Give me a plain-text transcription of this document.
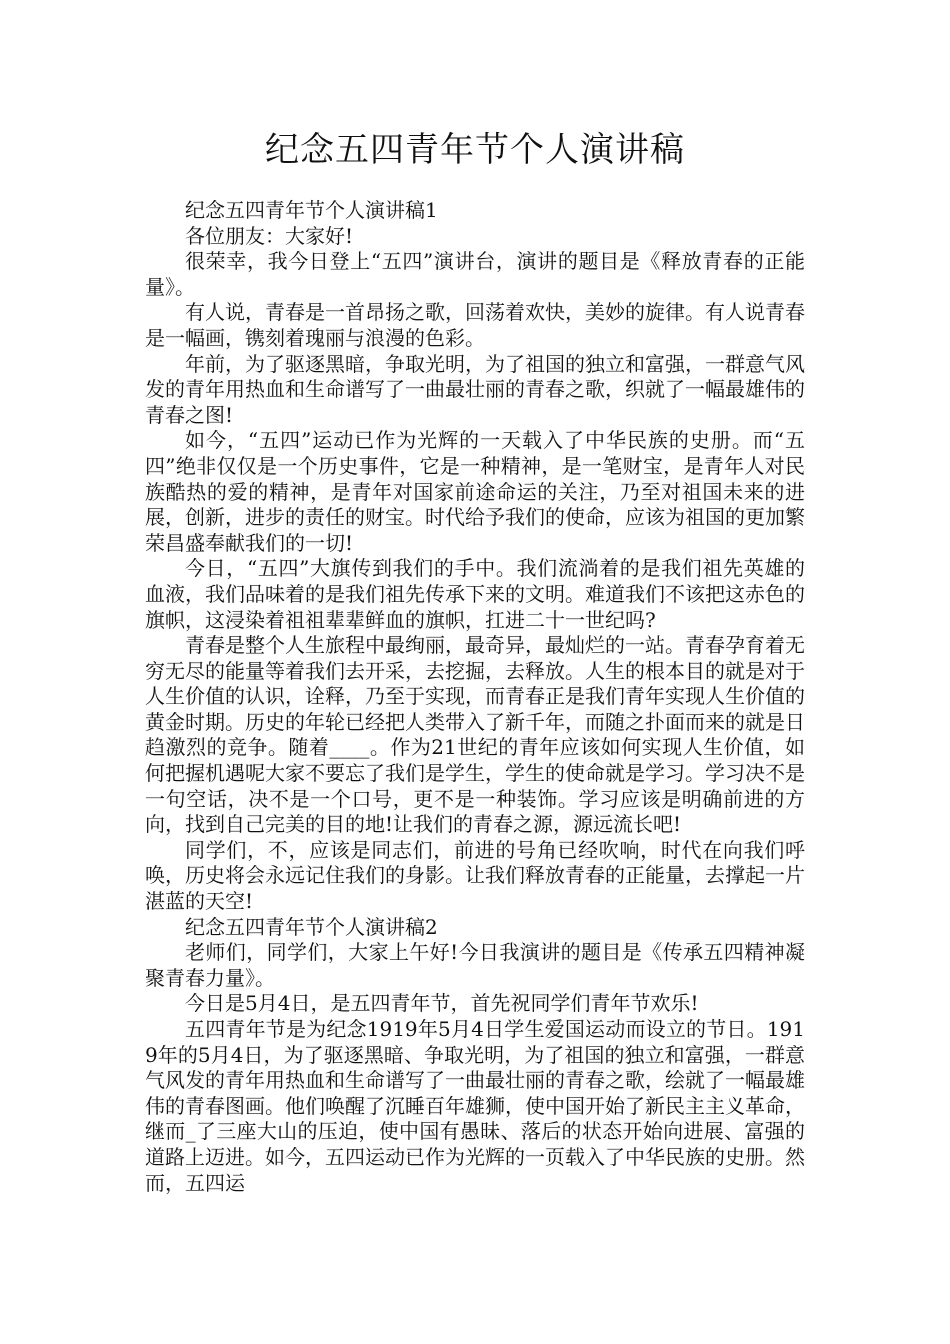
纪念五四青年节个人演讲稿

纪念五四青年节个人演讲稿1

各位朋友：大家好!

很荣幸，我今日登上“五四”演讲台，演讲的题目是《释放青春的正能量》。

有人说，青春是一首昂扬之歌，回荡着欢快，美妙的旋律。有人说青春是一幅画，镌刻着瑰丽与浪漫的色彩。

年前，为了驱逐黑暗，争取光明，为了祖国的独立和富强，一群意气风发的青年用热血和生命谱写了一曲最壮丽的青春之歌，织就了一幅最雄伟的青春之图!

如今，“五四”运动已作为光辉的一天载入了中华民族的史册。而“五四”绝非仅仅是一个历史事件，它是一种精神，是一笔财宝，是青年人对民族酷热的爱的精神，是青年对国家前途命运的关注，乃至对祖国未来的进展，创新，进步的责任的财宝。时代给予我们的使命，应该为祖国的更加繁荣昌盛奉献我们的一切!

今日，“五四”大旗传到我们的手中。我们流淌着的是我们祖先英雄的血液，我们品味着的是我们祖先传承下来的文明。难道我们不该把这赤色的旗帜，这浸染着祖祖辈辈鲜血的旗帜，扛进二十一世纪吗?

青春是整个人生旅程中最绚丽，最奇异，最灿烂的一站。青春孕育着无穷无尽的能量等着我们去开采，去挖掘，去释放。人生的根本目的就是对于人生价值的认识，诠释，乃至于实现，而青春正是我们青年实现人生价值的黄金时期。历史的年轮已经把人类带入了新千年，而随之扑面而来的就是日趋激烈的竞争。随着____。作为21世纪的青年应该如何实现人生价值，如何把握机遇呢大家不要忘了我们是学生，学生的使命就是学习。学习决不是一句空话，决不是一个口号，更不是一种装饰。学习应该是明确前进的方向，找到自己完美的目的地!让我们的青春之源，源远流长吧!

同学们，不，应该是同志们，前进的号角已经吹响，时代在向我们呼唤，历史将会永远记住我们的身影。让我们释放青春的正能量，去撑起一片湛蓝的天空!

纪念五四青年节个人演讲稿2

老师们，同学们，大家上午好!今日我演讲的题目是《传承五四精神凝聚青春力量》。

今日是5月4日，是五四青年节，首先祝同学们青年节欢乐!

五四青年节是为纪念1919年5月4日学生爱国运动而设立的节日。1919年的5月4日，为了驱逐黑暗、争取光明，为了祖国的独立和富强，一群意气风发的青年用热血和生命谱写了一曲最壮丽的青春之歌，绘就了一幅最雄伟的青春图画。他们唤醒了沉睡百年雄狮，使中国开始了新民主主义革命，继而_了三座大山的压迫，使中国有愚昧、落后的状态开始向进展、富强的道路上迈进。如今，五四运动已作为光辉的一页载入了中华民族的史册。然而，五四运
